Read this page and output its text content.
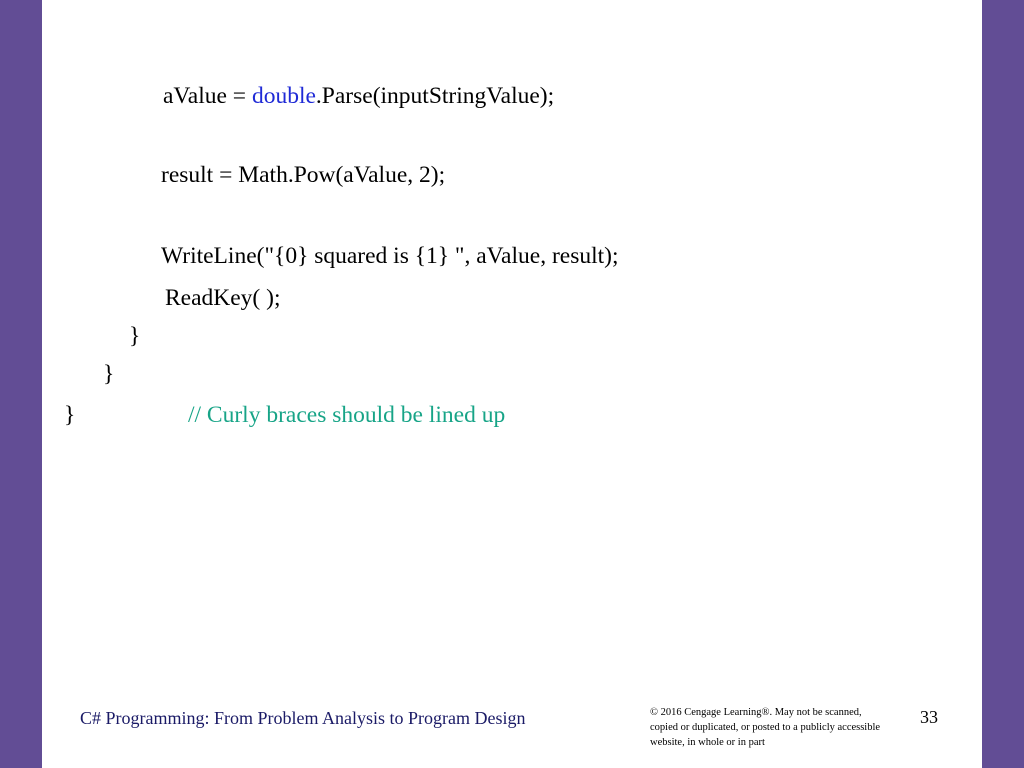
aValue = double.Parse(inputStringValue);
result = Math.Pow(aValue, 2);
WriteLine("{0} squared is {1} ", aValue, result);
ReadKey( );
}
}
}	// Curly braces should be lined up
C# Programming: From Problem Analysis to Program Design	© 2016 Cengage Learning®. May not be scanned, copied or duplicated, or posted to a publicly accessible website, in whole or in part
33
